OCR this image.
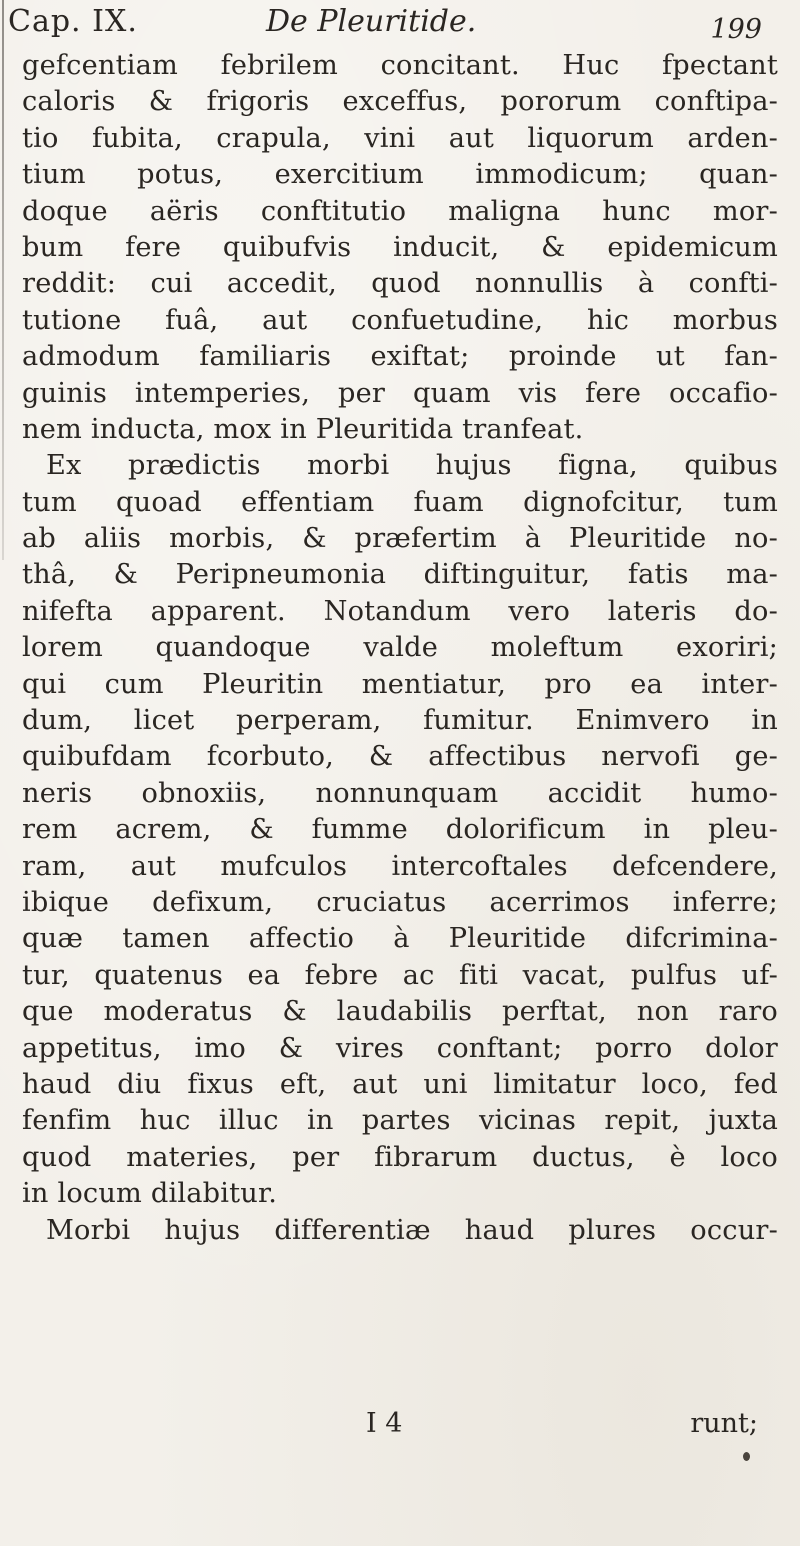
Cap. IX.	De Pleuritide.	199
gefcentiam febrilem concitant. Huc fpectant
caloris & frigoris exceffus, pororum conftipa-
tio fubita, crapula, vini aut liquorum arden-
tium potus, exercitium immodicum; quan-
doque aëris conftitutio maligna hunc mor-
bum fere quibufvis inducit, & epidemicum
reddit: cui accedit, quod nonnullis à confti-
tutione fuâ, aut confuetudine, hic morbus
admodum familiaris exiftat; proinde ut fan-
guinis intemperies, per quam vis fere occafio-
nem inducta, mox in Pleuritida tranfeat.
Ex prædictis morbi hujus figna, quibus
tum quoad effentiam fuam dignofcitur, tum
ab aliis morbis, & præfertim à Pleuritide no-
thâ, & Peripneumonia diftinguitur, fatis ma-
nifefta apparent. Notandum vero lateris do-
lorem quandoque valde moleftum exoriri;
qui cum Pleuritin mentiatur, pro ea inter-
dum, licet perperam, fumitur. Enimvero in
quibufdam fcorbuto, & affectibus nervofi ge-
neris obnoxiis, nonnunquam accidit humo-
rem acrem, & fumme dolorificum in pleu-
ram, aut mufculos intercoftales defcendere,
ibique defixum, cruciatus acerrimos inferre;
quæ tamen affectio à Pleuritide difcrimina-
tur, quatenus ea febre ac fiti vacat, pulfus uf-
que moderatus & laudabilis perftat, non raro
appetitus, imo & vires conftant; porro dolor
haud diu fixus eft, aut uni limitatur loco, fed
fenfim huc illuc in partes vicinas repit, juxta
quod materies, per fibrarum ductus, è loco
in locum dilabitur.
Morbi hujus differentiæ haud plures occur-
I 4	runt;
